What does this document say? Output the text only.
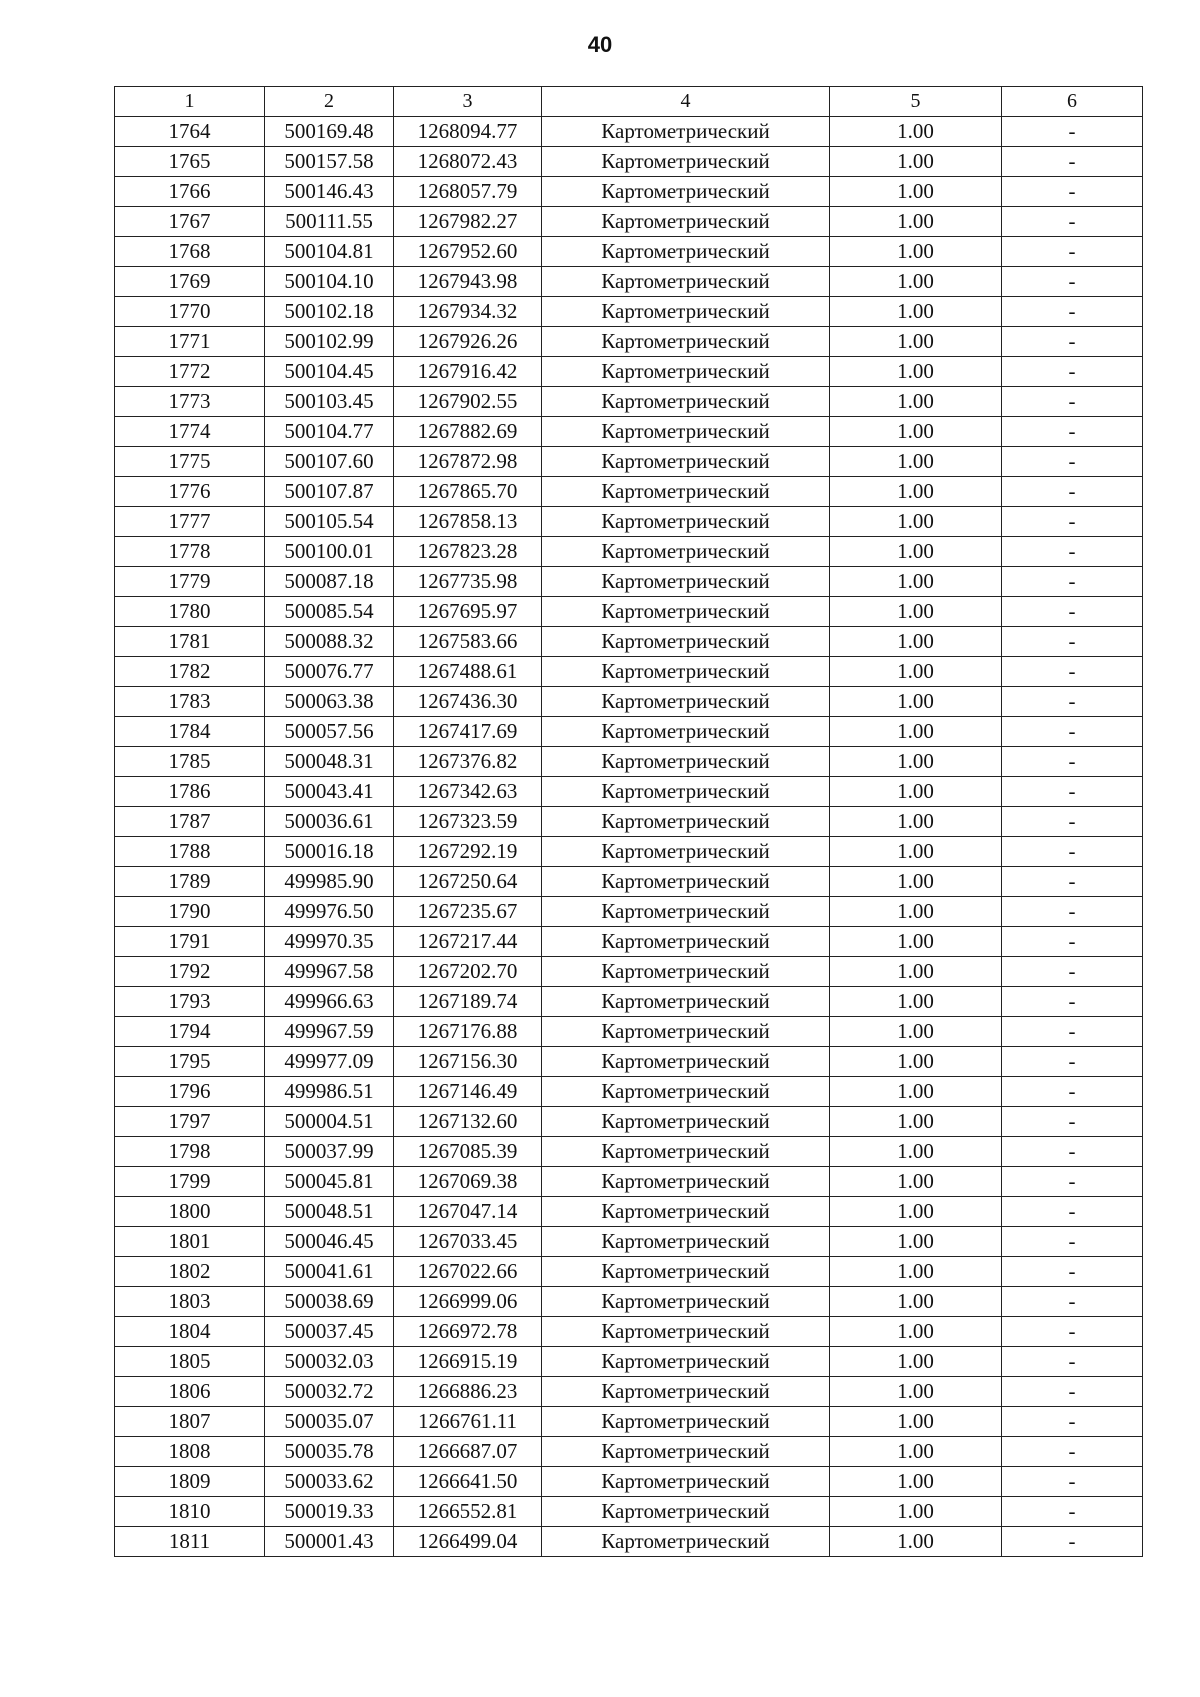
40
1	2	3	4	5	6
1764	500169.48	1268094.77	Картометрический	1.00	-
1765	500157.58	1268072.43	Картометрический	1.00	-
1766	500146.43	1268057.79	Картометрический	1.00	-
1767	500111.55	1267982.27	Картометрический	1.00	-
1768	500104.81	1267952.60	Картометрический	1.00	-
1769	500104.10	1267943.98	Картометрический	1.00	-
1770	500102.18	1267934.32	Картометрический	1.00	-
1771	500102.99	1267926.26	Картометрический	1.00	-
1772	500104.45	1267916.42	Картометрический	1.00	-
1773	500103.45	1267902.55	Картометрический	1.00	-
1774	500104.77	1267882.69	Картометрический	1.00	-
1775	500107.60	1267872.98	Картометрический	1.00	-
1776	500107.87	1267865.70	Картометрический	1.00	-
1777	500105.54	1267858.13	Картометрический	1.00	-
1778	500100.01	1267823.28	Картометрический	1.00	-
1779	500087.18	1267735.98	Картометрический	1.00	-
1780	500085.54	1267695.97	Картометрический	1.00	-
1781	500088.32	1267583.66	Картометрический	1.00	-
1782	500076.77	1267488.61	Картометрический	1.00	-
1783	500063.38	1267436.30	Картометрический	1.00	-
1784	500057.56	1267417.69	Картометрический	1.00	-
1785	500048.31	1267376.82	Картометрический	1.00	-
1786	500043.41	1267342.63	Картометрический	1.00	-
1787	500036.61	1267323.59	Картометрический	1.00	-
1788	500016.18	1267292.19	Картометрический	1.00	-
1789	499985.90	1267250.64	Картометрический	1.00	-
1790	499976.50	1267235.67	Картометрический	1.00	-
1791	499970.35	1267217.44	Картометрический	1.00	-
1792	499967.58	1267202.70	Картометрический	1.00	-
1793	499966.63	1267189.74	Картометрический	1.00	-
1794	499967.59	1267176.88	Картометрический	1.00	-
1795	499977.09	1267156.30	Картометрический	1.00	-
1796	499986.51	1267146.49	Картометрический	1.00	-
1797	500004.51	1267132.60	Картометрический	1.00	-
1798	500037.99	1267085.39	Картометрический	1.00	-
1799	500045.81	1267069.38	Картометрический	1.00	-
1800	500048.51	1267047.14	Картометрический	1.00	-
1801	500046.45	1267033.45	Картометрический	1.00	-
1802	500041.61	1267022.66	Картометрический	1.00	-
1803	500038.69	1266999.06	Картометрический	1.00	-
1804	500037.45	1266972.78	Картометрический	1.00	-
1805	500032.03	1266915.19	Картометрический	1.00	-
1806	500032.72	1266886.23	Картометрический	1.00	-
1807	500035.07	1266761.11	Картометрический	1.00	-
1808	500035.78	1266687.07	Картометрический	1.00	-
1809	500033.62	1266641.50	Картометрический	1.00	-
1810	500019.33	1266552.81	Картометрический	1.00	-
1811	500001.43	1266499.04	Картометрический	1.00	-
